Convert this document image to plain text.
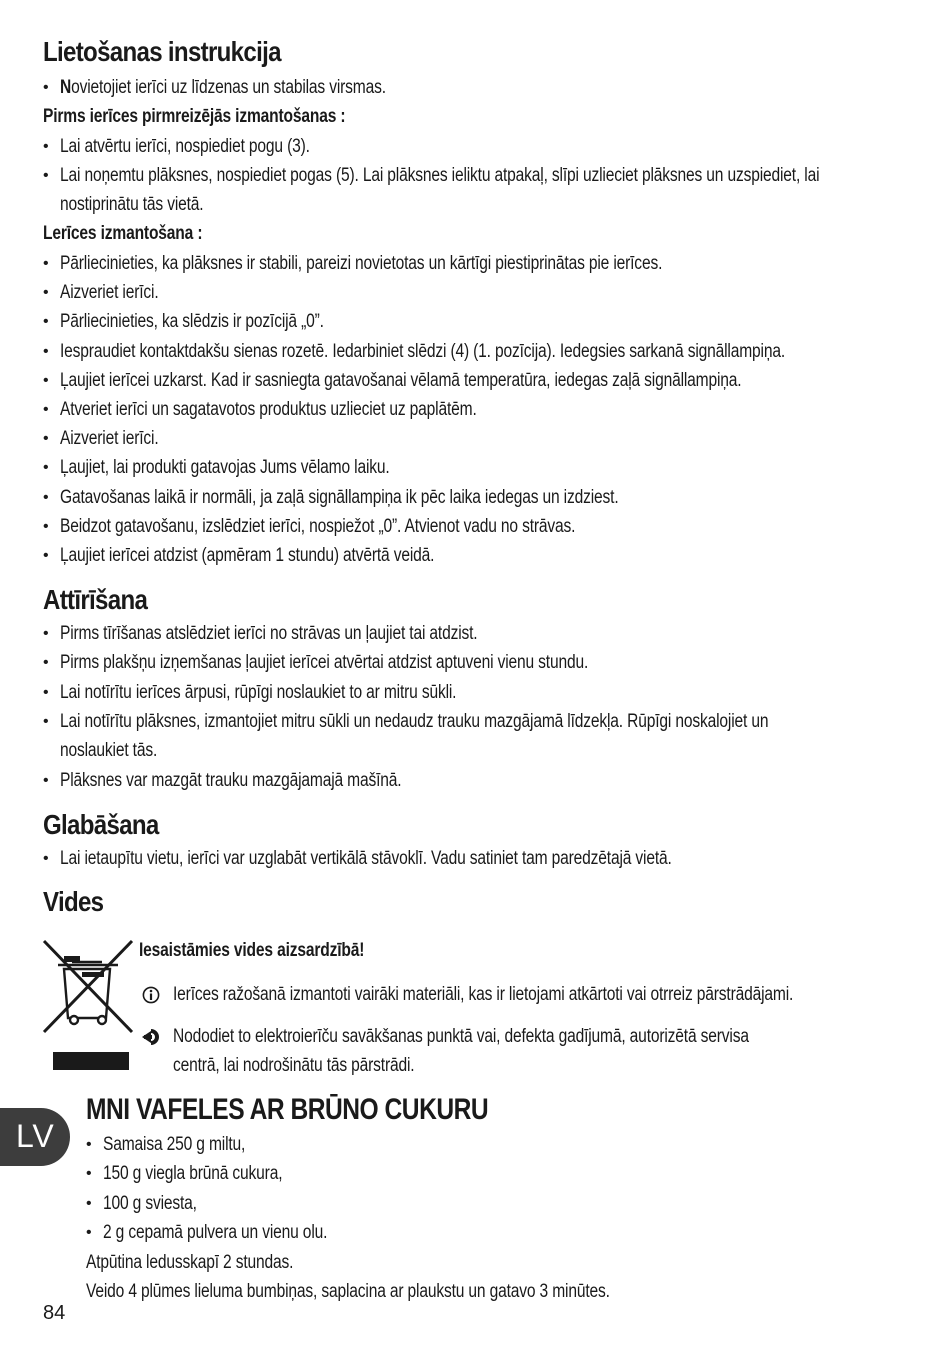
Lietošanas instrukcija
• Novietojiet ierīci uz līdzenas un stabilas virsmas.
Pirms ierīces pirmreizējās izmantošanas :
• Lai atvērtu ierīci, nospiediet pogu (3).
• Lai noņemtu plāksnes, nospiediet pogas (5). Lai plāksnes ieliktu atpakaļ, slīpi uzlieciet plāksnes un uzspiediet, lai
nostiprinātu tās vietā.
Lerīces izmantošana :
• Pārliecinieties, ka plāksnes ir stabili, pareizi novietotas un kārtīgi piestiprinātas pie ierīces.
• Aizveriet ierīci.
• Pārliecinieties, ka slēdzis ir pozīcijā „0”.
• Iespraudiet kontaktdakšu sienas rozetē. Iedarbiniet slēdzi (4) (1. pozīcija). Iedegsies sarkanā signāllampiņa.
• Ļaujiet ierīcei uzkarst. Kad ir sasniegta gatavošanai vēlamā temperatūra, iedegas zaļā signāllampiņa.
• Atveriet ierīci un sagatavotos produktus uzlieciet uz paplātēm.
• Aizveriet ierīci.
• Ļaujiet, lai produkti gatavojas Jums vēlamo laiku.
• Gatavošanas laikā ir normāli, ja zaļā signāllampiņa ik pēc laika iedegas un izdziest.
• Beidzot gatavošanu, izslēdziet ierīci, nospiežot „0”. Atvienot vadu no strāvas.
• Ļaujiet ierīcei atdzist (apmēram 1 stundu) atvērtā veidā.
Attīrīšana
• Pirms tīrīšanas atslēdziet ierīci no strāvas un ļaujiet tai atdzist.
• Pirms plakšņu izņemšanas ļaujiet ierīcei atvērtai atdzist aptuveni vienu stundu.
• Lai notīrītu ierīces ārpusi, rūpīgi noslaukiet to ar mitru sūkli.
• Lai notīrītu plāksnes, izmantojiet mitru sūkli un nedaudz trauku mazgājamā līdzekļa. Rūpīgi noskalojiet un
noslaukiet tās.
• Plāksnes var mazgāt trauku mazgājamajā mašīnā.
Glabāšana
• Lai ietaupītu vietu, ierīci var uzglabāt vertikālā stāvoklī. Vadu satiniet tam paredzētajā vietā.
Vides
Iesaistāmies vides aizsardzībā!
Ierīces ražošanā izmantoti vairāki materiāli, kas ir lietojami atkārtoti vai otrreiz pārstrādājami.
Nododiet to elektroierīču savākšanas punktā vai, defekta gadījumā, autorizētā servisa
centrā, lai nodrošinātu tās pārstrādi.
LV
MNI VAFELES AR BRŪNO CUKURU
• Samaisa 250 g miltu,
• 150 g viegla brūnā cukura,
• 100 g sviesta,
• 2 g cepamā pulvera un vienu olu.
Atpūtina ledusskapī 2 stundas.
Veido 4 plūmes lieluma bumbiņas, saplacina ar plaukstu un gatavo 3 minūtes.
84
